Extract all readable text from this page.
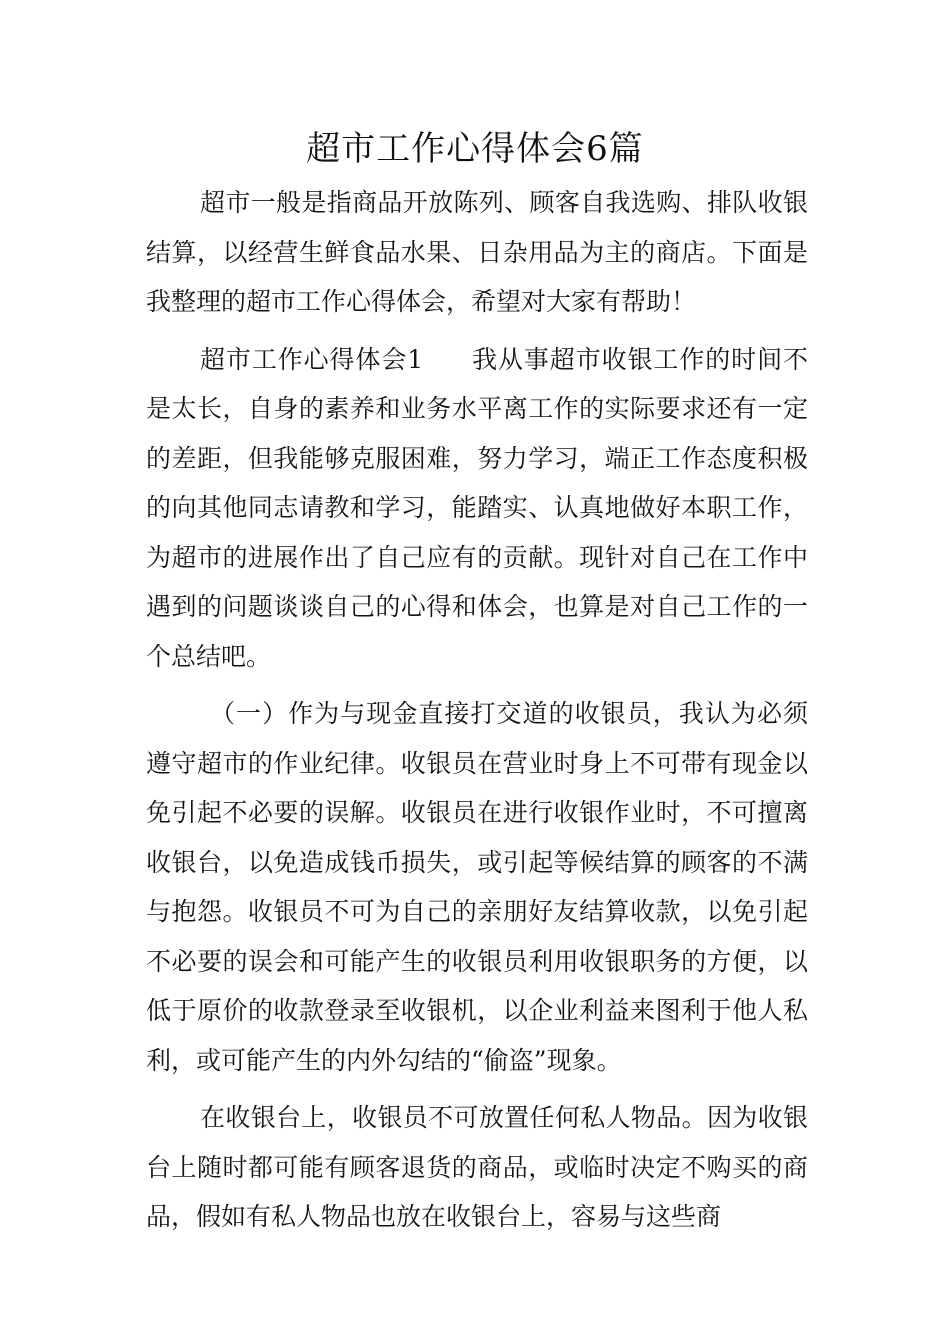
超市工作心得体会6篇

超市一般是指商品开放陈列、顾客自我选购、排队收银结算，以经营生鲜食品水果、日杂用品为主的商店。下面是我整理的超市工作心得体会，希望对大家有帮助！

超市工作心得体会1 我从事超市收银工作的时间不是太长，自身的素养和业务水平离工作的实际要求还有一定的差距，但我能够克服困难，努力学习，端正工作态度积极的向其他同志请教和学习，能踏实、认真地做好本职工作，为超市的进展作出了自己应有的贡献。现针对自己在工作中遇到的问题谈谈自己的心得和体会，也算是对自己工作的一个总结吧。

（一）作为与现金直接打交道的收银员，我认为必须遵守超市的作业纪律。收银员在营业时身上不可带有现金以免引起不必要的误解。收银员在进行收银作业时，不可擅离收银台，以免造成钱币损失，或引起等候结算的顾客的不满与抱怨。收银员不可为自己的亲朋好友结算收款，以免引起不必要的误会和可能产生的收银员利用收银职务的方便，以低于原价的收款登录至收银机，以企业利益来图利于他人私利，或可能产生的内外勾结的“偷盗”现象。

在收银台上，收银员不可放置任何私人物品。因为收银台上随时都可能有顾客退货的商品，或临时决定不购买的商品，假如有私人物品也放在收银台上，容易与这些商
